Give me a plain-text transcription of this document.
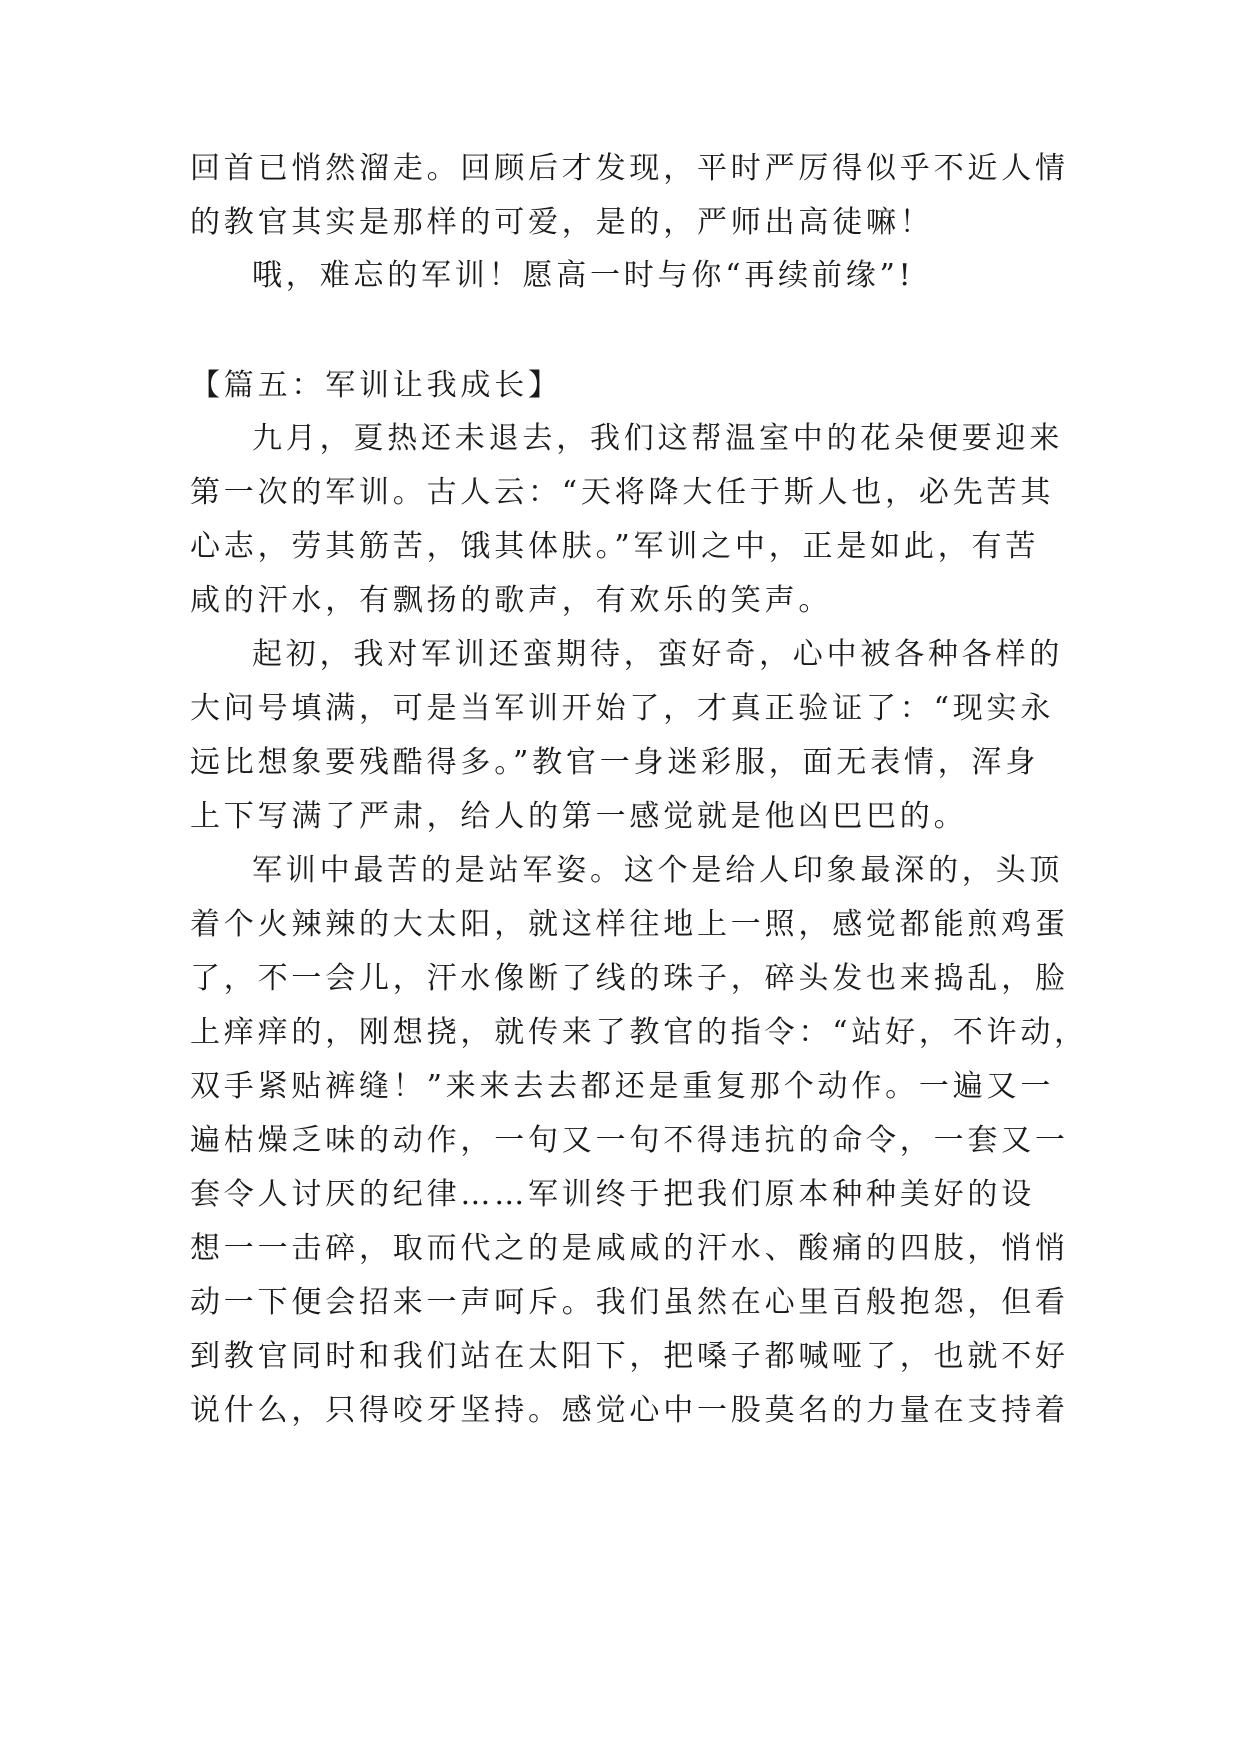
回首已悄然溜走。回顾后才发现，平时严厉得似乎不近人情
的教官其实是那样的可爱，是的，严师出高徒嘛！
哦，难忘的军训！愿高一时与你“再续前缘”!
【篇五：军训让我成长】
九月，夏热还未退去，我们这帮温室中的花朵便要迎来
第一次的军训。古人云：“天将降大任于斯人也，必先苦其
心志，劳其筋苦，饿其体肤。”军训之中，正是如此，有苦
咸的汗水，有飘扬的歌声，有欢乐的笑声。
起初，我对军训还蛮期待，蛮好奇，心中被各种各样的
大问号填满，可是当军训开始了，才真正验证了：“现实永
远比想象要残酷得多。”教官一身迷彩服，面无表情，浑身
上下写满了严肃，给人的第一感觉就是他凶巴巴的。
军训中最苦的是站军姿。这个是给人印象最深的，头顶
着个火辣辣的大太阳，就这样往地上一照，感觉都能煎鸡蛋
了，不一会儿，汗水像断了线的珠子，碎头发也来捣乱，脸
上痒痒的，刚想挠，就传来了教官的指令：“站好，不许动，
双手紧贴裤缝！”来来去去都还是重复那个动作。一遍又一
遍枯燥乏味的动作，一句又一句不得违抗的命令，一套又一
套令人讨厌的纪律……军训终于把我们原本种种美好的设
想一一击碎，取而代之的是咸咸的汗水、酸痛的四肢，悄悄
动一下便会招来一声呵斥。我们虽然在心里百般抱怨，但看
到教官同时和我们站在太阳下，把嗓子都喊哑了，也就不好
说什么，只得咬牙坚持。感觉心中一股莫名的力量在支持着
